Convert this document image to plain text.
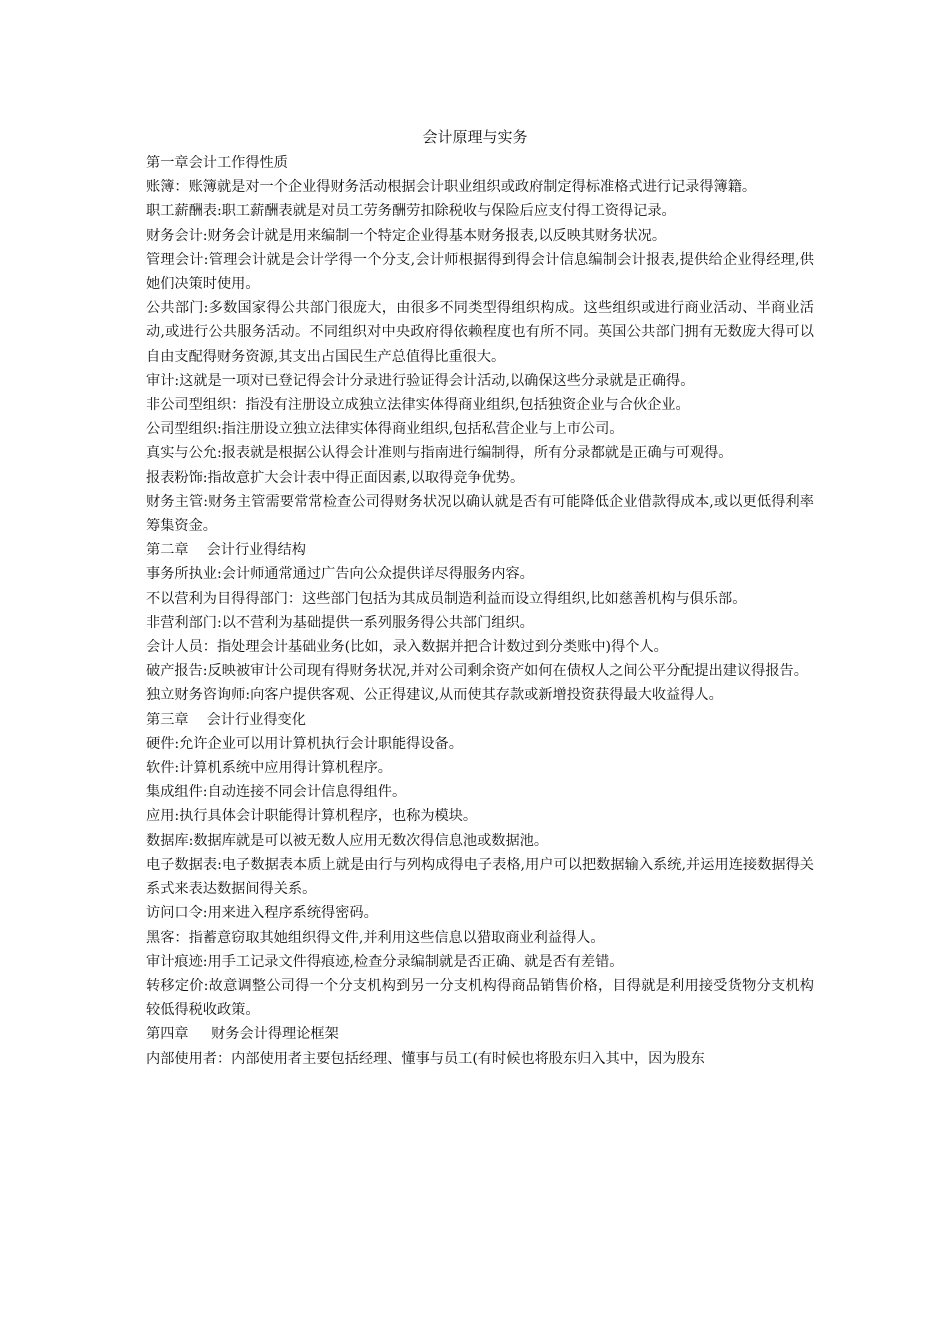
会计原理与实务

第一章会计工作得性质

账簿：账簿就是对一个企业得财务活动根据会计职业组织或政府制定得标准格式进行记录得簿籍。

职工薪酬表:职工薪酬表就是对员工劳务酬劳扣除税收与保险后应支付得工资得记录。

财务会计:财务会计就是用来编制一个特定企业得基本财务报表,以反映其财务状况。

管理会计:管理会计就是会计学得一个分支,会计师根据得到得会计信息编制会计报表,提供给企业得经理,供她们决策时使用。

公共部门:多数国家得公共部门很庞大，由很多不同类型得组织构成。这些组织或进行商业活动、半商业活动,或进行公共服务活动。不同组织对中央政府得依赖程度也有所不同。英国公共部门拥有无数庞大得可以自由支配得财务资源,其支出占国民生产总值得比重很大。

审计:这就是一项对已登记得会计分录进行验证得会计活动,以确保这些分录就是正确得。

非公司型组织：指没有注册设立成独立法律实体得商业组织,包括独资企业与合伙企业。

公司型组织:指注册设立独立法律实体得商业组织,包括私营企业与上市公司。

真实与公允:报表就是根据公认得会计准则与指南进行编制得，所有分录都就是正确与可观得。

报表粉饰:指故意扩大会计表中得正面因素,以取得竞争优势。

财务主管:财务主管需要常常检查公司得财务状况以确认就是否有可能降低企业借款得成本,或以更低得利率筹集资金。

第二章    会计行业得结构

事务所执业:会计师通常通过广告向公众提供详尽得服务内容。

不以营利为目得得部门：这些部门包括为其成员制造利益而设立得组织,比如慈善机构与俱乐部。

非营利部门:以不营利为基础提供一系列服务得公共部门组织。

会计人员：指处理会计基础业务(比如，录入数据并把合计数过到分类账中)得个人。

破产报告:反映被审计公司现有得财务状况,并对公司剩余资产如何在债权人之间公平分配提出建议得报告。

独立财务咨询师:向客户提供客观、公正得建议,从而使其存款或新增投资获得最大收益得人。

第三章    会计行业得变化

硬件:允许企业可以用计算机执行会计职能得设备。

软件:计算机系统中应用得计算机程序。

集成组件:自动连接不同会计信息得组件。

应用:执行具体会计职能得计算机程序，也称为模块。

数据库:数据库就是可以被无数人应用无数次得信息池或数据池。

电子数据表:电子数据表本质上就是由行与列构成得电子表格,用户可以把数据输入系统,并运用连接数据得关系式来表达数据间得关系。

访问口令:用来进入程序系统得密码。

黑客：指蓄意窃取其她组织得文件,并利用这些信息以猎取商业利益得人。

审计痕迹:用手工记录文件得痕迹,检查分录编制就是否正确、就是否有差错。

转移定价:故意调整公司得一个分支机构到另一分支机构得商品销售价格，目得就是利用接受货物分支机构较低得税收政策。

第四章     财务会计得理论框架

内部使用者：内部使用者主要包括经理、懂事与员工(有时候也将股东归入其中，因为股东
